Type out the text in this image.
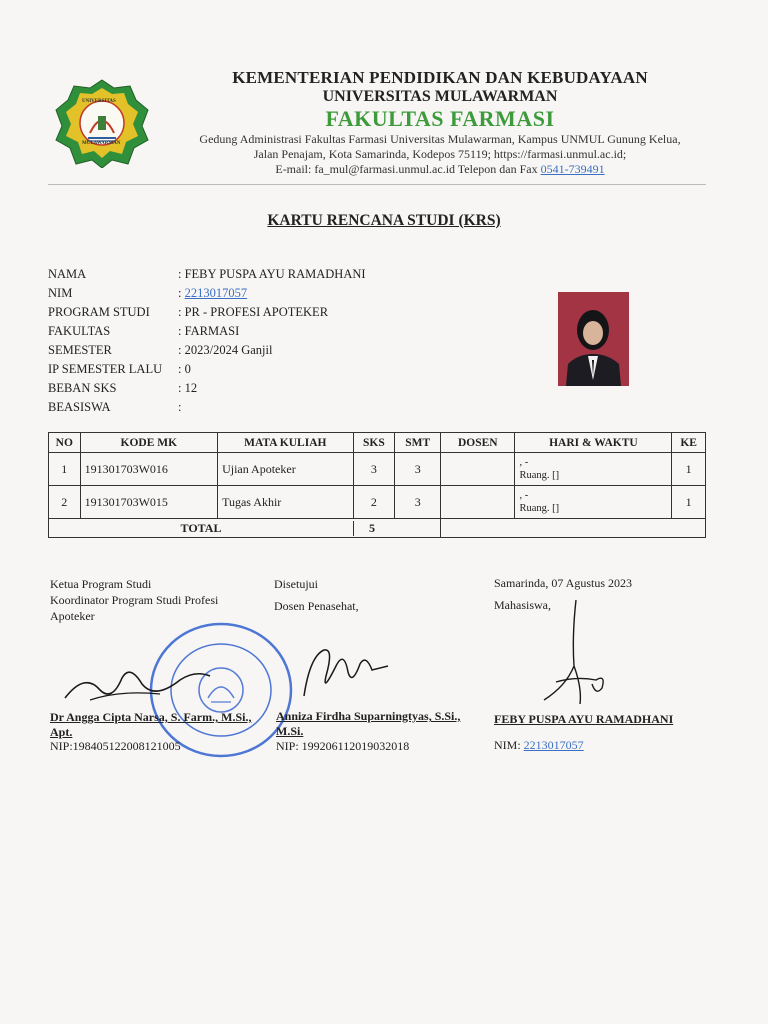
UNIVERSITAS
MULAWARMAN
KEMENTERIAN PENDIDIKAN DAN KEBUDAYAAN
UNIVERSITAS MULAWARMAN
FAKULTAS FARMASI
Gedung Administrasi Fakultas Farmasi Universitas Mulawarman, Kampus UNMUL Gunung Kelua,
Jalan Penajam, Kota Samarinda, Kodepos 75119; https://farmasi.unmul.ac.id;
E-mail: fa_mul@farmasi.unmul.ac.id Telepon dan Fax 0541-739491
KARTU RENCANA STUDI (KRS)
NAMA	: FEBY PUSPA AYU RAMADHANI
NIM	: 2213017057
PROGRAM STUDI	: PR - PROFESI APOTEKER
FAKULTAS	: FARMASI
SEMESTER	: 2023/2024 Ganjil
IP SEMESTER LALU	: 0
BEBAN SKS	: 12
BEASISWA	:
NO	KODE MK	MATA KULIAH	SKS	SMT	DOSEN	HARI & WAKTU	KE
1	191301703W016	Ujian Apoteker	3	3		, -
Ruang. []	1
2	191301703W015	Tugas Akhir	2	3		, -
Ruang. []	1

TOTAL 5							

Ketua Program Studi
Koordinator Program Studi Profesi Apoteker
Disetujui
Dosen Penasehat,
Samarinda, 07 Agustus 2023
Mahasiswa,
Dr Angga Cipta Narsa, S. Farm., M.Si., Apt.
NIP:198405122008121005
Anniza Firdha Suparningtyas, S.Si., M.Si.
NIP: 199206112019032018
FEBY PUSPA AYU RAMADHANI
NIM: 2213017057
